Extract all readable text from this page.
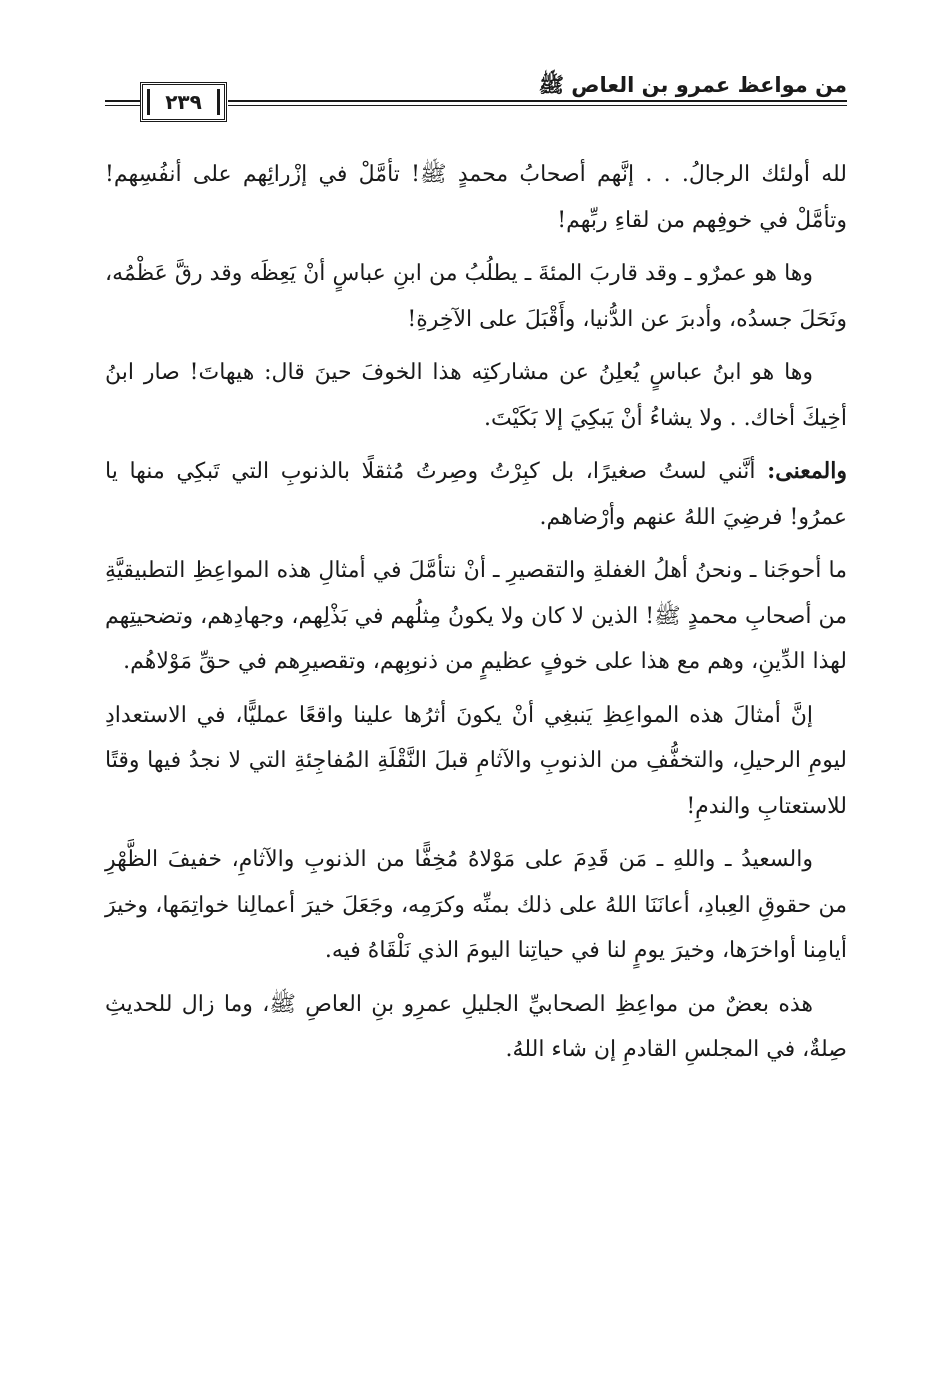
من مواعظ عمرو بن العاص ﷺ
٢٣٩

لله أولئك الرجالُ. . . إنَّهم أصحابُ محمدٍ ﷺ! تأمَّلْ في إزْرائِهم على أنفُسِهم! وتأمَّلْ في خوفِهم من لقاءِ ربِّهم!

وها هو عمرٌو ـ وقد قاربَ المئةَ ـ يطلُبُ من ابنِ عباسٍ أنْ يَعِظَه وقد رقَّ عَظْمُه، ونَحَلَ جسدُه، وأدبرَ عن الدُّنيا، وأَقْبَلَ على الآخِرةِ!

وها هو ابنُ عباسٍ يُعلِنُ عن مشاركتِه هذا الخوفَ حينَ قال: هيهاتَ! صار ابنُ أخِيكَ أخاك. . ولا يشاءُ أنْ يَبكِيَ إلا بَكَيْتَ.

والمعنى: أنَّني لستُ صغيرًا، بل كبِرْتُ وصِرتُ مُثقلًا بالذنوبِ التي تَبكِي منها يا عمرُو! فرضِيَ اللهُ عنهم وأرْضاهم.

ما أحوجَنا ـ ونحنُ أهلُ الغفلةِ والتقصيرِ ـ أنْ نتأمَّلَ في أمثالِ هذه المواعِظِ التطبيقيَّةِ من أصحابِ محمدٍ ﷺ! الذين لا كان ولا يكونُ مِثلُهم في بَذْلِهم، وجهادِهم، وتضحيتِهم لهذا الدِّينِ، وهم مع هذا على خوفٍ عظيمٍ من ذنوبِهم، وتقصيرِهم في حقِّ مَوْلاهُم.

إنَّ أمثالَ هذه المواعِظِ يَنبغِي أنْ يكونَ أثرُها علينا واقعًا عمليًّا، في الاستعدادِ ليومِ الرحيلِ، والتخفُّفِ من الذنوبِ والآثامِ قبلَ النَّقْلَةِ المُفاجِئةِ التي لا نجدُ فيها وقتًا للاستعتابِ والندمِ!

والسعيدُ ـ واللهِ ـ مَن قَدِمَ على مَوْلاهُ مُخِفًّا من الذنوبِ والآثامِ، خفيفَ الظَّهْرِ من حقوقِ العِبادِ، أعانَنَا اللهُ على ذلك بمنِّه وكرَمِه، وجَعَلَ خيرَ أعمالِنا خواتِمَها، وخيرَ أيامِنا أواخرَها، وخيرَ يومٍ لنا في حياتِنا اليومَ الذي نَلْقَاهُ فيه.

هذه بعضٌ من مواعِظِ الصحابيِّ الجليلِ عمرِو بنِ العاصِ ﷺ، وما زال للحديثِ صِلةٌ، في المجلسِ القادمِ إن شاء اللهُ.
